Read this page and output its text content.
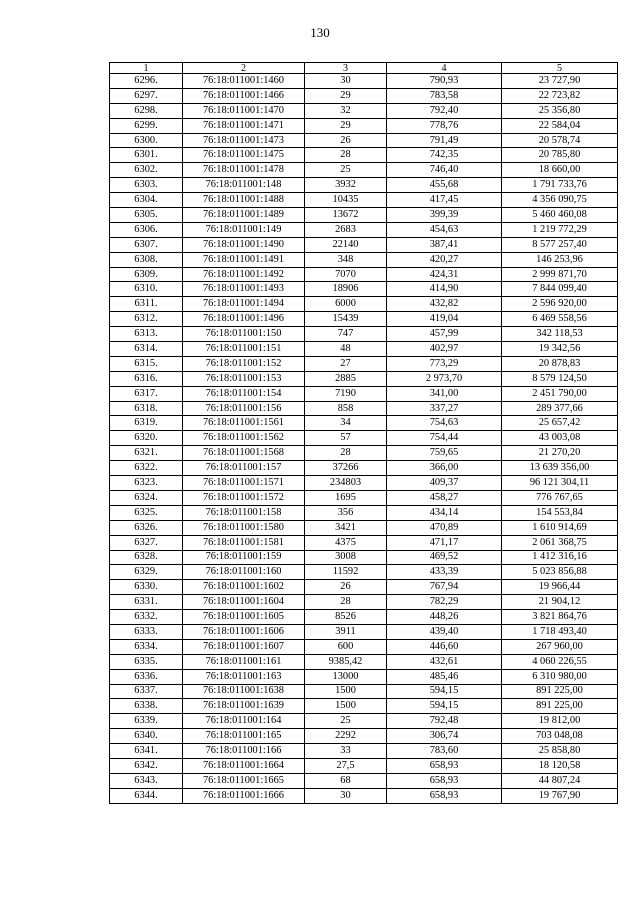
130
1	2	3	4	5
6296.	76:18:011001:1460	30	790,93	23 727,90
6297.	76:18:011001:1466	29	783,58	22 723,82
6298.	76:18:011001:1470	32	792,40	25 356,80
6299.	76:18:011001:1471	29	778,76	22 584,04
6300.	76:18:011001:1473	26	791,49	20 578,74
6301.	76:18:011001:1475	28	742,35	20 785,80
6302.	76:18:011001:1478	25	746,40	18 660,00
6303.	76:18:011001:148	3932	455,68	1 791 733,76
6304.	76:18:011001:1488	10435	417,45	4 356 090,75
6305.	76:18:011001:1489	13672	399,39	5 460 460,08
6306.	76:18:011001:149	2683	454,63	1 219 772,29
6307.	76:18:011001:1490	22140	387,41	8 577 257,40
6308.	76:18:011001:1491	348	420,27	146 253,96
6309.	76:18:011001:1492	7070	424,31	2 999 871,70
6310.	76:18:011001:1493	18906	414,90	7 844 099,40
6311.	76:18:011001:1494	6000	432,82	2 596 920,00
6312.	76:18:011001:1496	15439	419,04	6 469 558,56
6313.	76:18:011001:150	747	457,99	342 118,53
6314.	76:18:011001:151	48	402,97	19 342,56
6315.	76:18:011001:152	27	773,29	20 878,83
6316.	76:18:011001:153	2885	2 973,70	8 579 124,50
6317.	76:18:011001:154	7190	341,00	2 451 790,00
6318.	76:18:011001:156	858	337,27	289 377,66
6319.	76:18:011001:1561	34	754,63	25 657,42
6320.	76:18:011001:1562	57	754,44	43 003,08
6321.	76:18:011001:1568	28	759,65	21 270,20
6322.	76:18:011001:157	37266	366,00	13 639 356,00
6323.	76:18:011001:1571	234803	409,37	96 121 304,11
6324.	76:18:011001:1572	1695	458,27	776 767,65
6325.	76:18:011001:158	356	434,14	154 553,84
6326.	76:18:011001:1580	3421	470,89	1 610 914,69
6327.	76:18:011001:1581	4375	471,17	2 061 368,75
6328.	76:18:011001:159	3008	469,52	1 412 316,16
6329.	76:18:011001:160	11592	433,39	5 023 856,88
6330.	76:18:011001:1602	26	767,94	19 966,44
6331.	76:18:011001:1604	28	782,29	21 904,12
6332.	76:18:011001:1605	8526	448,26	3 821 864,76
6333.	76:18:011001:1606	3911	439,40	1 718 493,40
6334.	76:18:011001:1607	600	446,60	267 960,00
6335.	76:18:011001:161	9385,42	432,61	4 060 226,55
6336.	76:18:011001:163	13000	485,46	6 310 980,00
6337.	76:18:011001:1638	1500	594,15	891 225,00
6338.	76:18:011001:1639	1500	594,15	891 225,00
6339.	76:18:011001:164	25	792,48	19 812,00
6340.	76:18:011001:165	2292	306,74	703 048,08
6341.	76:18:011001:166	33	783,60	25 858,80
6342.	76:18:011001:1664	27,5	658,93	18 120,58
6343.	76:18:011001:1665	68	658,93	44 807,24
6344.	76:18:011001:1666	30	658,93	19 767,90
